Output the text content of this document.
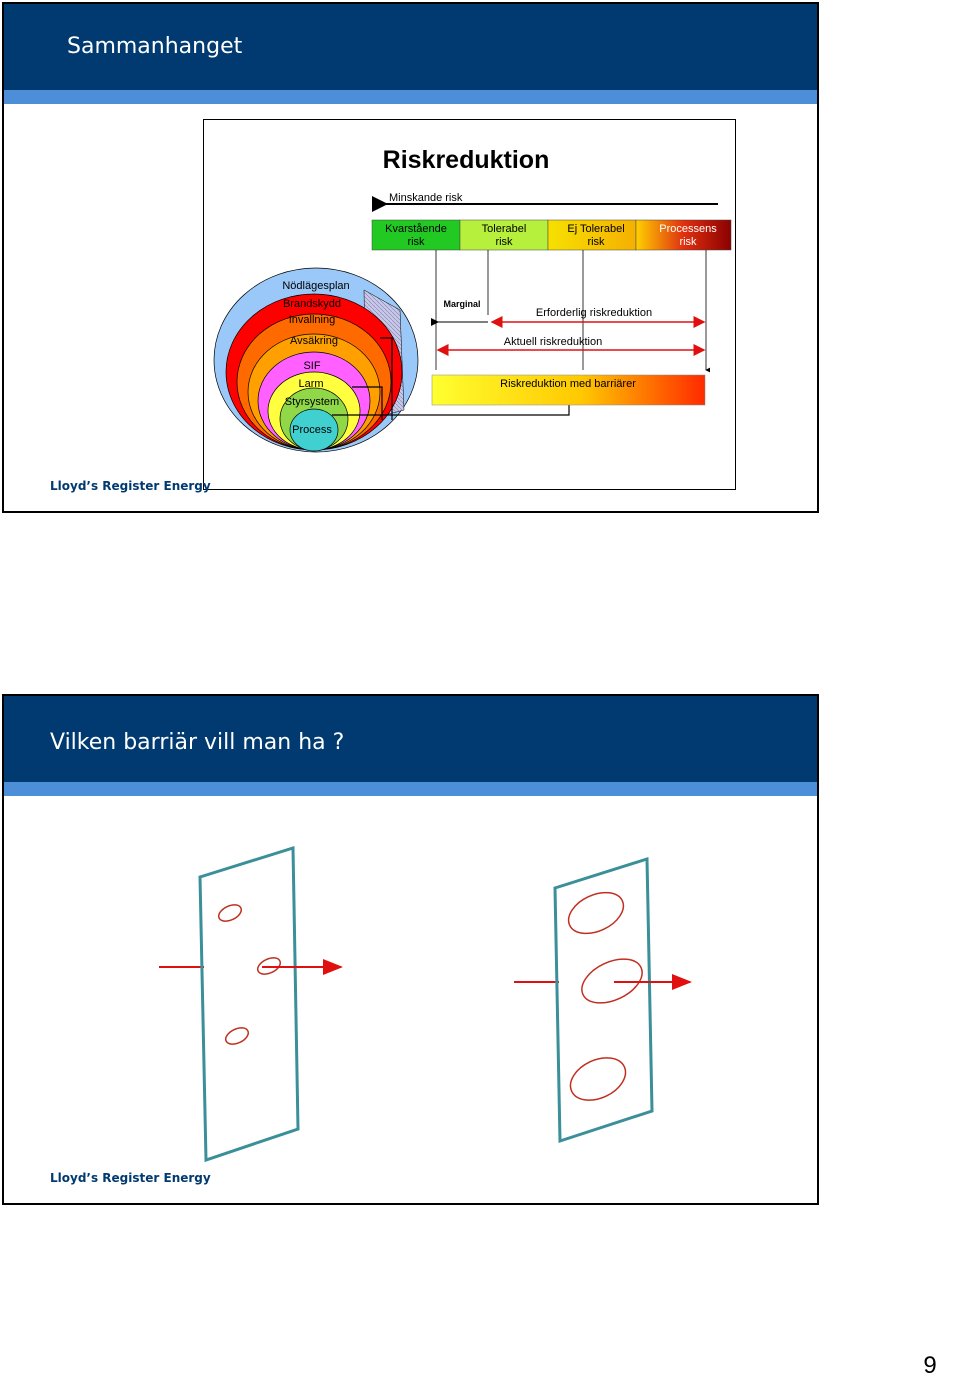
Sammanhanget
Riskreduktion
Minskande risk
Kvarstående
risk
Tolerabel
risk
Ej Tolerabel
risk
Processens
risk
Nödlägesplan
Brandskydd
Invallning
Avsäkring
SIF
Larm
Styrsystem
Process
Marginal
Erforderlig riskreduktion
Aktuell riskreduktion
Riskreduktion med barriärer
Lloyd’s Register Energy
Vilken barriär vill man ha ?
Lloyd’s Register Energy
9
